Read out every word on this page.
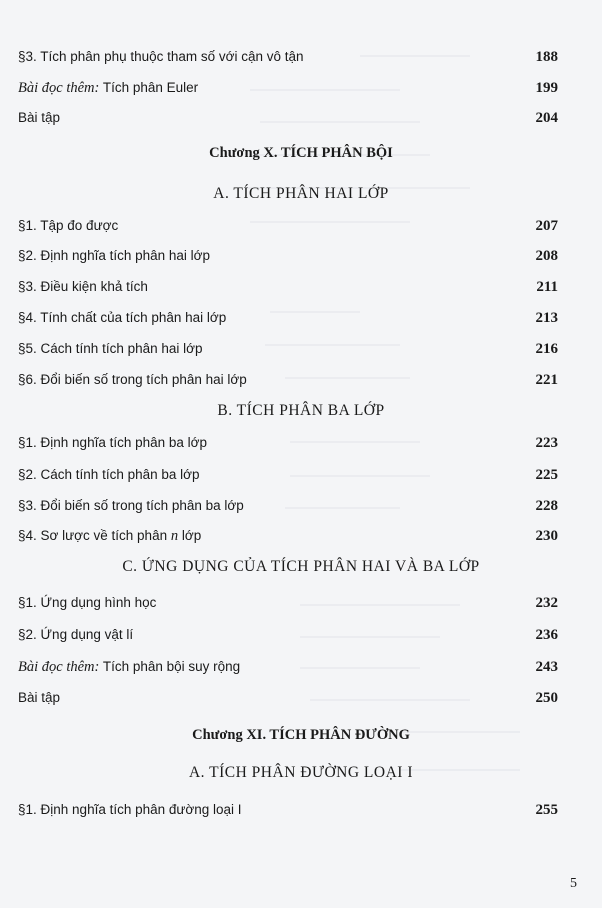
§3. Tích phân phụ thuộc tham số với cận vô tận	188
Bài đọc thêm: Tích phân Euler	199
Bài tập	204
Chương X. TÍCH PHÂN BỘI
A. TÍCH PHÂN HAI LỚP
§1. Tập đo được	207
§2. Định nghĩa tích phân hai lớp	208
§3. Điều kiện khả tích	211
§4. Tính chất của tích phân hai lớp	213
§5. Cách tính tích phân hai lớp	216
§6. Đổi biến số trong tích phân hai lớp	221
B. TÍCH PHÂN BA LỚP
§1. Định nghĩa tích phân ba lớp	223
§2. Cách tính tích phân ba lớp	225
§3. Đổi biến số trong tích phân ba lớp	228
§4. Sơ lược về tích phân n lớp	230
C. ỨNG DỤNG CỦA TÍCH PHÂN HAI VÀ BA LỚP
§1. Ứng dụng hình học	232
§2. Ứng dụng vật lí	236
Bài đọc thêm: Tích phân bội suy rộng	243
Bài tập	250
Chương XI. TÍCH PHÂN ĐƯỜNG
A. TÍCH PHÂN ĐƯỜNG LOẠI I
§1. Định nghĩa tích phân đường loại I	255
5
